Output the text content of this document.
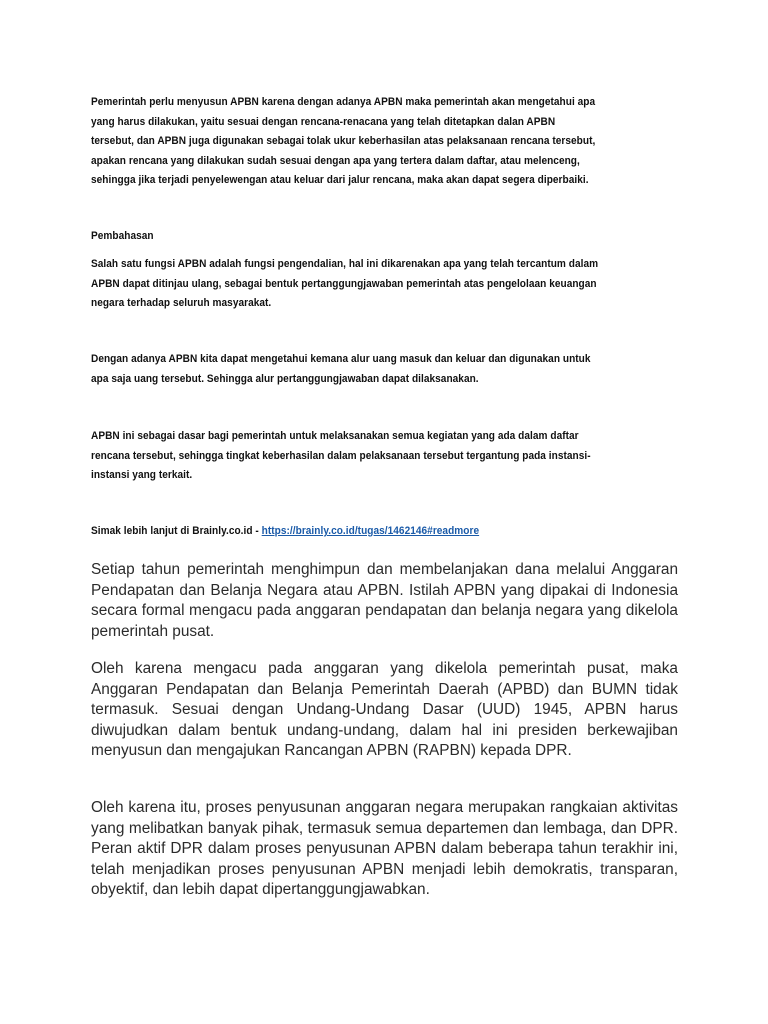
Pemerintah perlu menyusun APBN karena dengan adanya APBN maka pemerintah akan mengetahui apa
yang harus dilakukan, yaitu sesuai dengan rencana-renacana yang telah ditetapkan dalan APBN
tersebut, dan APBN juga digunakan sebagai tolak ukur keberhasilan atas pelaksanaan rencana tersebut,
apakan rencana yang dilakukan sudah sesuai dengan apa yang tertera dalam daftar, atau melenceng,
sehingga jika terjadi penyelewengan atau keluar dari jalur rencana, maka akan dapat segera diperbaiki.
Pembahasan
Salah satu fungsi APBN adalah fungsi pengendalian, hal ini dikarenakan apa yang telah tercantum dalam
APBN dapat ditinjau ulang, sebagai bentuk pertanggungjawaban pemerintah atas pengelolaan keuangan
negara terhadap seluruh masyarakat.
Dengan adanya APBN kita dapat mengetahui kemana alur uang masuk dan keluar dan digunakan untuk
apa saja uang tersebut. Sehingga alur pertanggungjawaban dapat dilaksanakan.
APBN ini sebagai dasar bagi pemerintah untuk melaksanakan semua kegiatan yang ada dalam daftar
rencana tersebut, sehingga tingkat keberhasilan dalam pelaksanaan tersebut tergantung pada instansi-
instansi yang terkait.
Simak lebih lanjut di Brainly.co.id - https://brainly.co.id/tugas/1462146#readmore

Setiap tahun pemerintah menghimpun dan membelanjakan dana melalui Anggaran Pendapatan dan Belanja Negara atau APBN. Istilah APBN yang dipakai di Indonesia secara formal mengacu pada anggaran pendapatan dan belanja negara yang dikelola pemerintah pusat.

Oleh karena mengacu pada anggaran yang dikelola pemerintah pusat, maka Anggaran Pendapatan dan Belanja Pemerintah Daerah (APBD) dan BUMN tidak termasuk. Sesuai dengan Undang-Undang Dasar (UUD) 1945, APBN harus diwujudkan dalam bentuk undang-undang, dalam hal ini presiden berkewajiban menyusun dan mengajukan Rancangan APBN (RAPBN) kepada DPR.

Oleh karena itu, proses penyusunan anggaran negara merupakan rangkaian aktivitas yang melibatkan banyak pihak, termasuk semua departemen dan lembaga, dan DPR. Peran aktif DPR dalam proses penyusunan APBN dalam beberapa tahun terakhir ini, telah menjadikan proses penyusunan APBN menjadi lebih demokratis, transparan, obyektif, dan lebih dapat dipertanggungjawabkan.
